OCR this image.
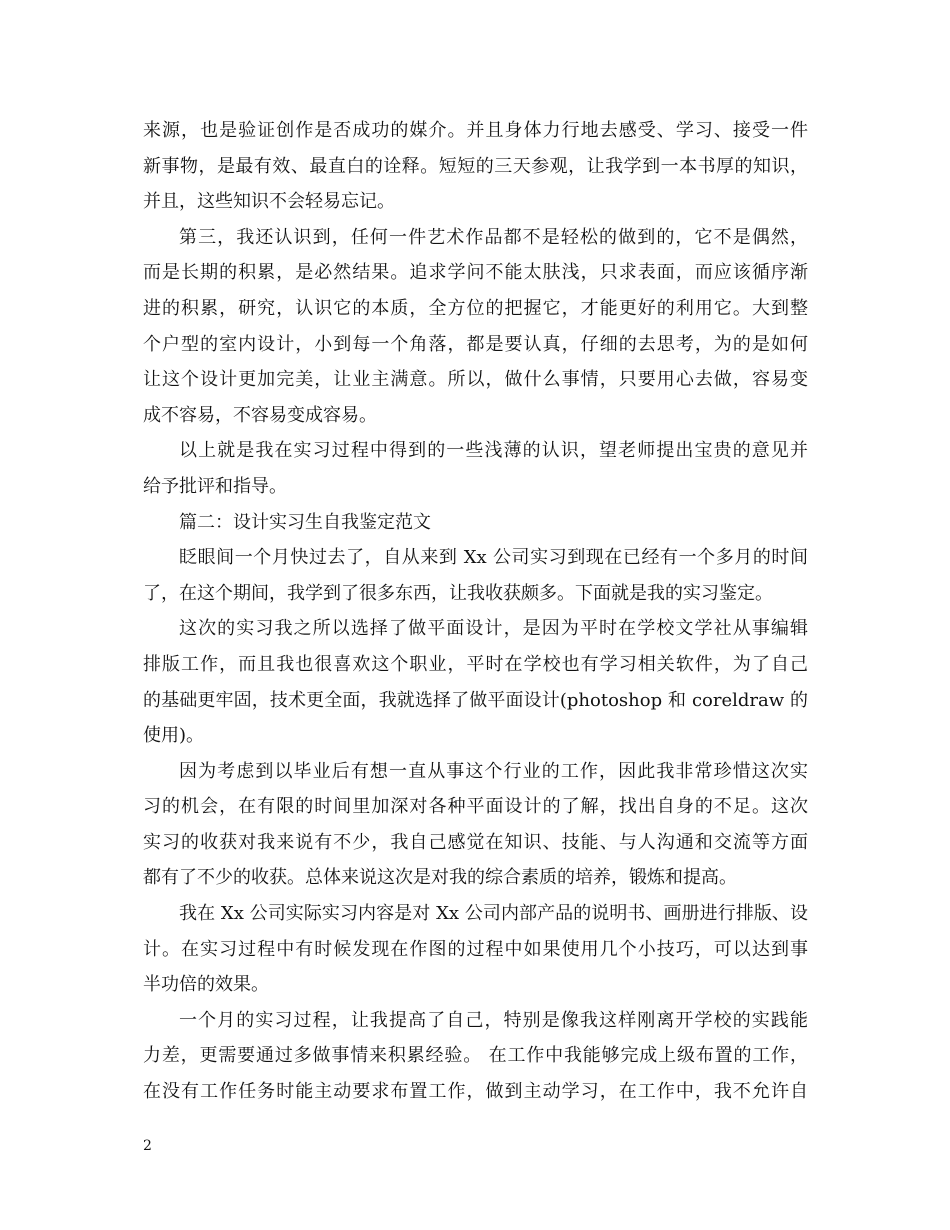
来源，也是验证创作是否成功的媒介。并且身体力行地去感受、学习、接受一件
新事物，是最有效、最直白的诠释。短短的三天参观，让我学到一本书厚的知识，
并且，这些知识不会轻易忘记。
第三，我还认识到，任何一件艺术作品都不是轻松的做到的，它不是偶然，
而是长期的积累，是必然结果。追求学问不能太肤浅，只求表面，而应该循序渐
进的积累，研究，认识它的本质，全方位的把握它，才能更好的利用它。大到整
个户型的室内设计，小到每一个角落，都是要认真，仔细的去思考，为的是如何
让这个设计更加完美，让业主满意。所以，做什么事情，只要用心去做，容易变
成不容易，不容易变成容易。
以上就是我在实习过程中得到的一些浅薄的认识，望老师提出宝贵的意见并
给予批评和指导。
篇二：设计实习生自我鉴定范文
眨眼间一个月快过去了，自从来到 Xx 公司实习到现在已经有一个多月的时间
了，在这个期间，我学到了很多东西，让我收获颇多。下面就是我的实习鉴定。
这次的实习我之所以选择了做平面设计，是因为平时在学校文学社从事编辑
排版工作，而且我也很喜欢这个职业，平时在学校也有学习相关软件，为了自己
的基础更牢固，技术更全面，我就选择了做平面设计(photoshop 和 coreldraw 的
使用)。
因为考虑到以毕业后有想一直从事这个行业的工作，因此我非常珍惜这次实
习的机会，在有限的时间里加深对各种平面设计的了解，找出自身的不足。这次
实习的收获对我来说有不少，我自己感觉在知识、技能、与人沟通和交流等方面
都有了不少的收获。总体来说这次是对我的综合素质的培养，锻炼和提高。
我在 Xx 公司实际实习内容是对 Xx 公司内部产品的说明书、画册进行排版、设
计。在实习过程中有时候发现在作图的过程中如果使用几个小技巧，可以达到事
半功倍的效果。
一个月的实习过程，让我提高了自己，特别是像我这样刚离开学校的实践能
力差，更需要通过多做事情来积累经验。 在工作中我能够完成上级布置的工作，
在没有工作任务时能主动要求布置工作，做到主动学习，在工作中，我不允许自
2
